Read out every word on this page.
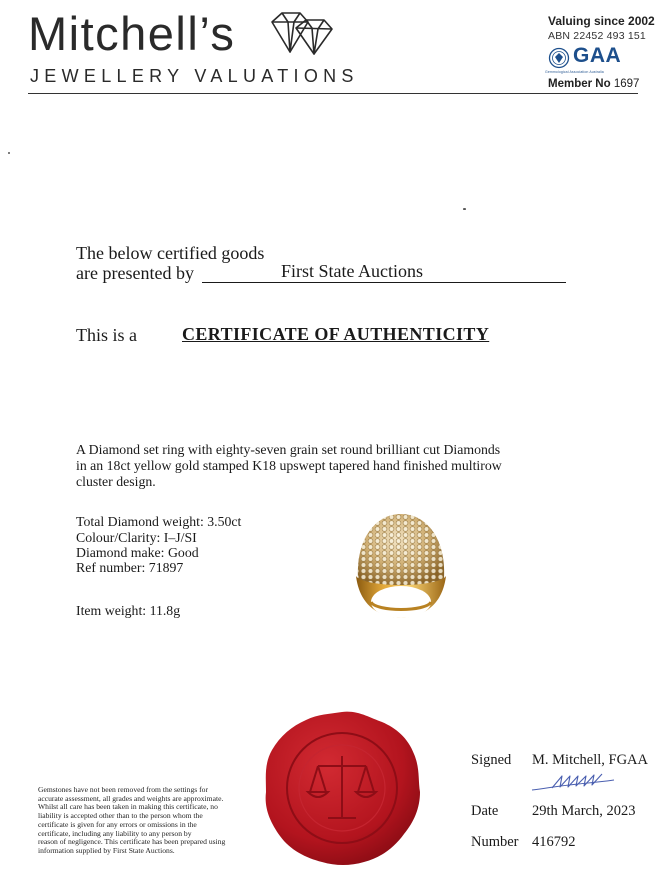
Mitchell’s
JEWELLERY VALUATIONS
Valuing since 2002
ABN 22452 493 151
GAA
Gemmological Association Australia
Member No 1697
The below certified goods
are presented by	First State Auctions
This is a	CERTIFICATE OF AUTHENTICITY
A Diamond set ring with eighty-seven grain set round brilliant cut Diamonds
in an 18ct yellow gold stamped K18 upswept tapered hand finished multirow
cluster design.
Total Diamond weight: 3.50ct
Colour/Clarity: I–J/SI
Diamond make: Good
Ref number: 71897
Item weight: 11.8g
Gemstones have not been removed from the settings for
accurate assessment, all grades and weights are approximate.
Whilst all care has been taken in making this certificate, no
liability is accepted other than to the person whom the
certificate is given for any errors or omissions in the
certificate, including any liability to any person by
reason of negligence. This certificate has been prepared using
information supplied by First State Auctions.
Signed M. Mitchell, FGAA
Date 29th March, 2023
Number 416792
